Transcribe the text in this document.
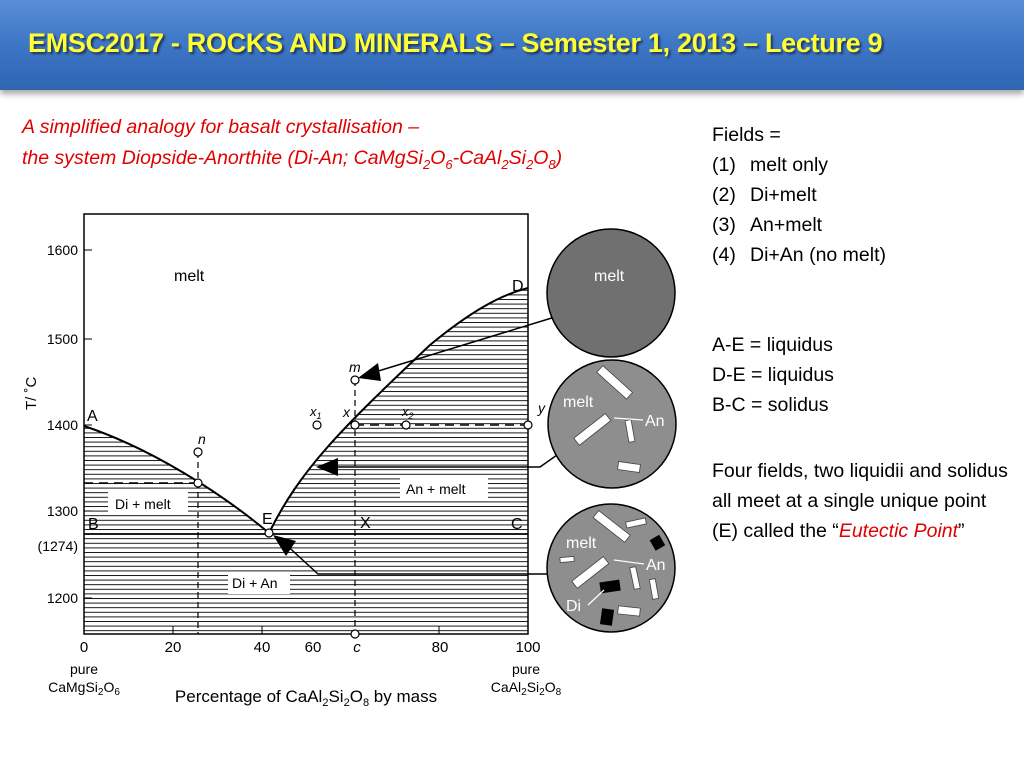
EMSC2017 - ROCKS AND MINERALS – Semester 1, 2013 – Lecture 9
A simplified analogy for basalt crystallisation –
the system Diopside-Anorthite (Di-An; $CaMgSi_2O_6-CaAl_2Si_2O_8$)
Fields =
(1) melt only
(2) Di+melt
(3) An+melt
(4) Di+An (no melt)
A-E = liquidus
D-E = liquidus
B-C = solidus
Four fields, two liquidii and solidus all meet at a single unique point (E) called the “Eutectic Point”
1600
1500
1400
1300
(1274)
1200
T/ ˚C
0	20	40 60	80	100
c
pure
$CaMgSi_2O_6$
pure
$CaAl_2Si_2O_8$
Percentage of $CaAl_2Si_2O_8$ by mass
A
B	C
D
E	X
m
n
x
$x_1$	$x_2$	y
melt
Di + melt
An + melt
Di + An
melt
melt
An
melt
An
Di
